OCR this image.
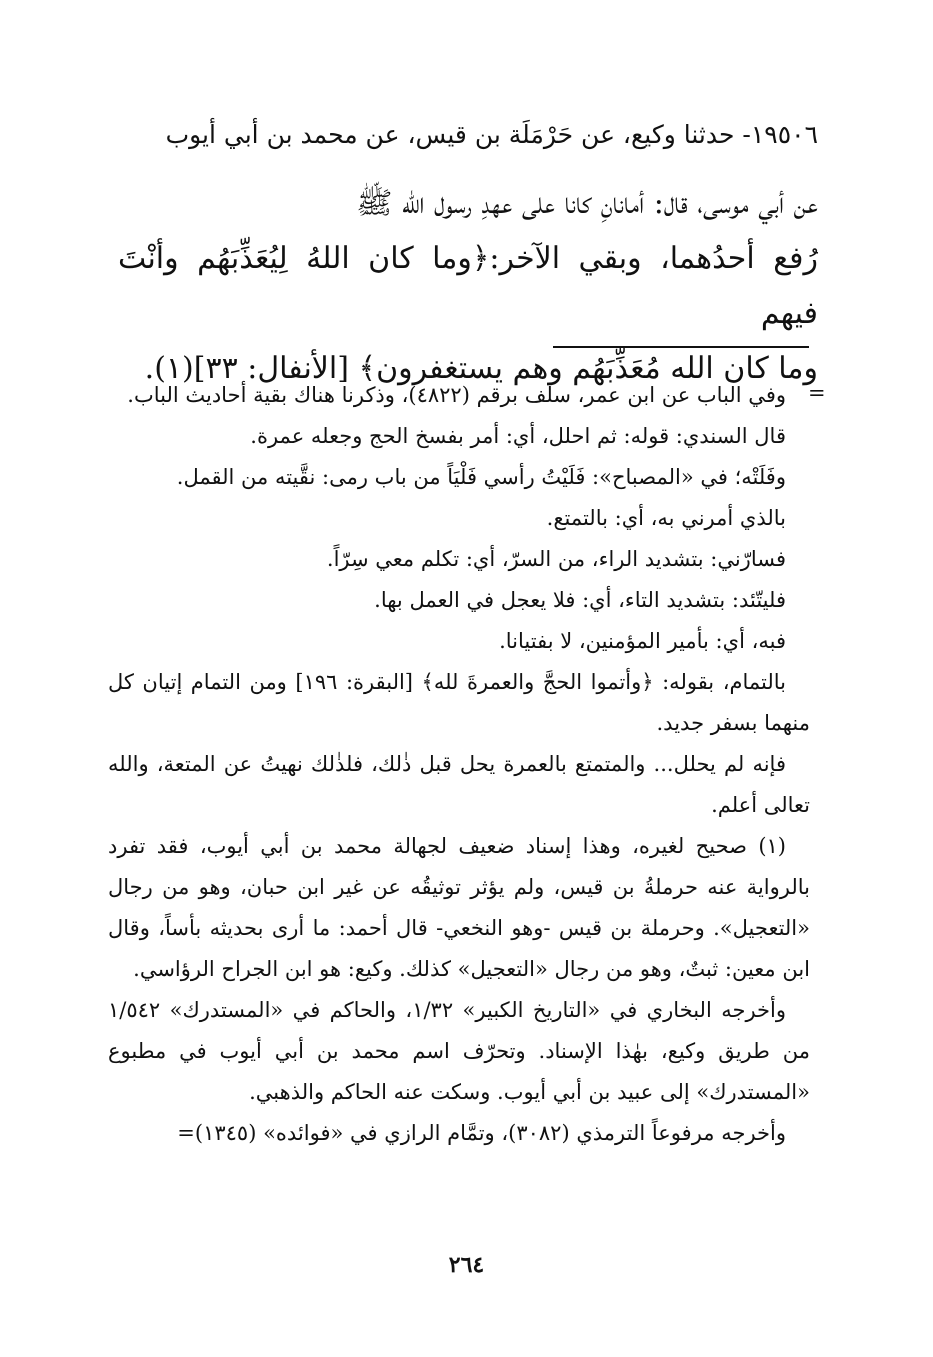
١٩٥٠٦- حدثنا وكيع، عن حَرْمَلَة بن قيس، عن محمد بن أبي أيوب

عن أبي موسى، قال: أمانانِ كانا على عهدِ رسول الله ﷺ

رُفع أحدُهما، وبقي الآخر:﴿وما كان اللهُ لِيُعَذِّبَهُم وأنْتَ فيهم

وما كان الله مُعَذِّبَهُم وهم يستغفرون﴾ [الأنفال: ٣٣](١).

=

وفي الباب عن ابن عمر، سلف برقم (٤٨٢٢)، وذكرنا هناك بقية أحاديث الباب.

قال السندي: قوله: ثم احلل، أي: أمر بفسخ الحج وجعله عمرة.

وفَلَتْه؛ في «المصباح»: فَلَيْتُ رأسي فَلْيَاً من باب رمى: نقَّيته من القمل.

بالذي أمرني به، أي: بالتمتع.

فسارّني: بتشديد الراء، من السرّ، أي: تكلم معي سِرّاً.

فليتّئد: بتشديد التاء، أي: فلا يعجل في العمل بها.

فبه، أي: بأمير المؤمنين، لا بفتيانا.

بالتمام، بقوله: ﴿وأتموا الحجَّ والعمرةَ لله﴾ [البقرة: ١٩٦] ومن التمام إتيان كل منهما بسفر جديد.

فإنه لم يحلل... والمتمتع بالعمرة يحل قبل ذٰلك، فلذٰلك نهيتُ عن المتعة، والله تعالى أعلم.

(١) صحيح لغيره، وهذا إسناد ضعيف لجهالة محمد بن أبي أيوب، فقد تفرد بالرواية عنه حرملةُ بن قيس، ولم يؤثر توثيقُه عن غير ابن حبان، وهو من رجال «التعجيل». وحرملة بن قيس -وهو النخعي- قال أحمد: ما أرى بحديثه بأساً، وقال ابن معين: ثبتٌ، وهو من رجال «التعجيل» كذلك. وكيع: هو ابن الجراح الرؤاسي.

وأخرجه البخاري في «التاريخ الكبير» ١/٣٢، والحاكم في «المستدرك» ١/٥٤٢ من طريق وكيع، بهٰذا الإسناد. وتحرّف اسم محمد بن أبي أيوب في مطبوع «المستدرك» إلى عبيد بن أبي أيوب. وسكت عنه الحاكم والذهبي.

وأخرجه مرفوعاً الترمذي (٣٠٨٢)، وتمَّام الرازي في «فوائده» (١٣٤٥)=

٢٦٤
